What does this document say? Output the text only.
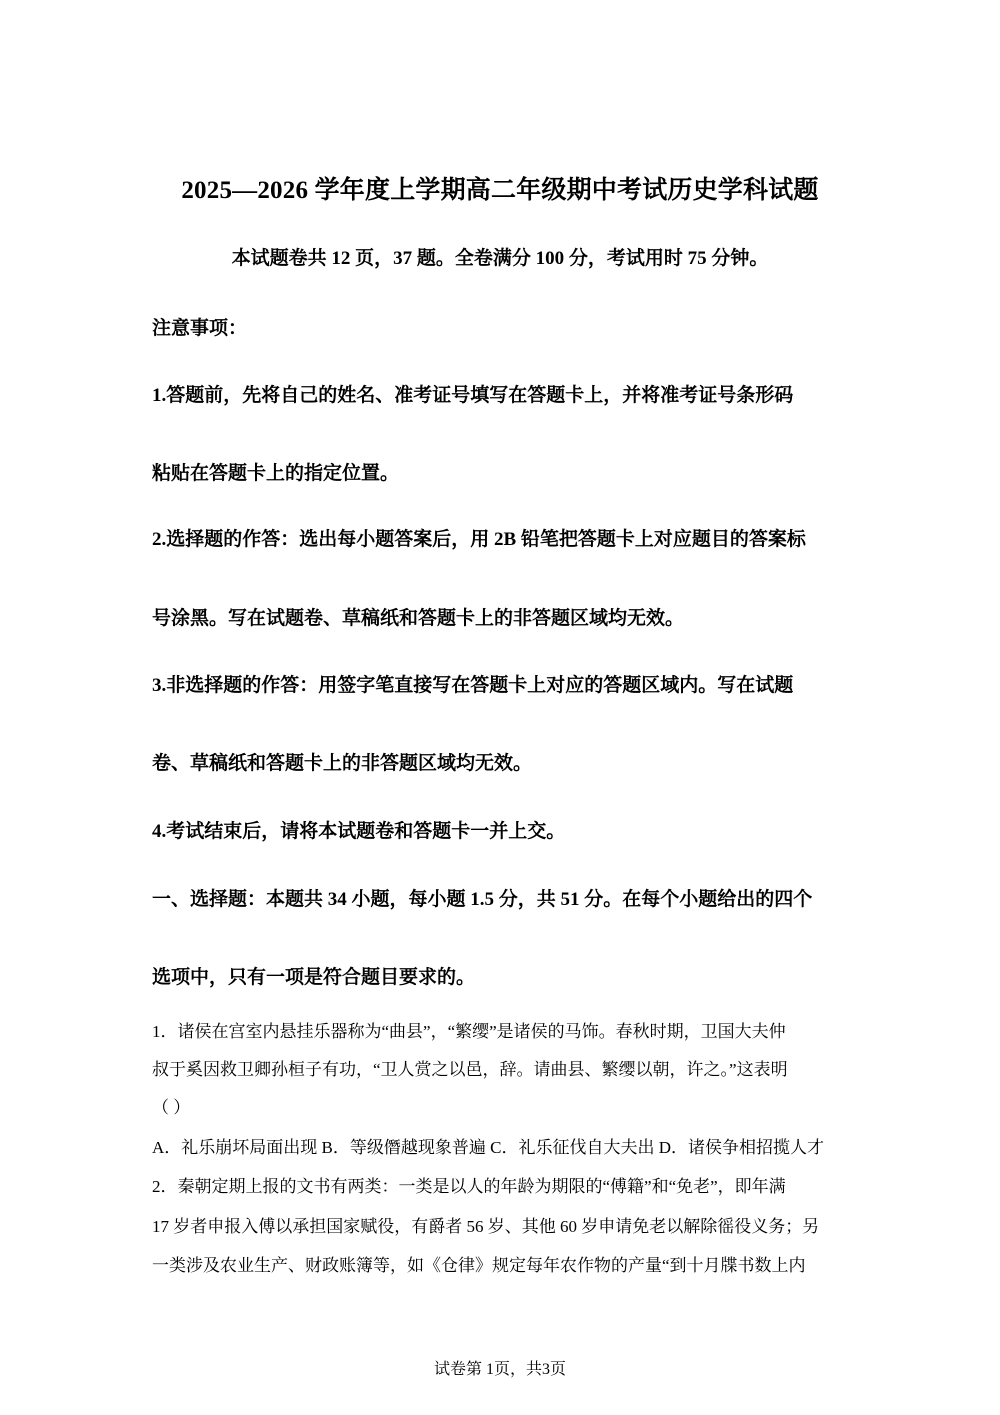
2025—2026 学年度上学期高二年级期中考试历史学科试题
本试题卷共 12 页，37 题。全卷满分 100 分，考试用时 75 分钟。
注意事项：
1.答题前，先将自己的姓名、准考证号填写在答题卡上，并将准考证号条形码
粘贴在答题卡上的指定位置。
2.选择题的作答：选出每小题答案后，用 2B 铅笔把答题卡上对应题目的答案标
号涂黑。写在试题卷、草稿纸和答题卡上的非答题区域均无效。
3.非选择题的作答：用签字笔直接写在答题卡上对应的答题区域内。写在试题
卷、草稿纸和答题卡上的非答题区域均无效。
4.考试结束后，请将本试题卷和答题卡一并上交。
一、选择题：本题共 34 小题，每小题 1.5 分，共 51 分。在每个小题给出的四个
选项中，只有一项是符合题目要求的。
1．诸侯在宫室内悬挂乐器称为“曲县”，“繁缨”是诸侯的马饰。春秋时期，卫国大夫仲
叔于奚因救卫卿孙桓子有功，“卫人赏之以邑，辞。请曲县、繁缨以朝，许之。”这表明
（ ）
A．礼乐崩坏局面出现 B．等级僭越现象普遍 C．礼乐征伐自大夫出 D．诸侯争相招揽人才
2．秦朝定期上报的文书有两类：一类是以人的年龄为期限的“傅籍”和“免老”，即年满
17 岁者申报入傅以承担国家赋役，有爵者 56 岁、其他 60 岁申请免老以解除徭役义务；另
一类涉及农业生产、财政账簿等，如《仓律》规定每年农作物的产量“到十月牒书数上内
试卷第 1页，共3页
